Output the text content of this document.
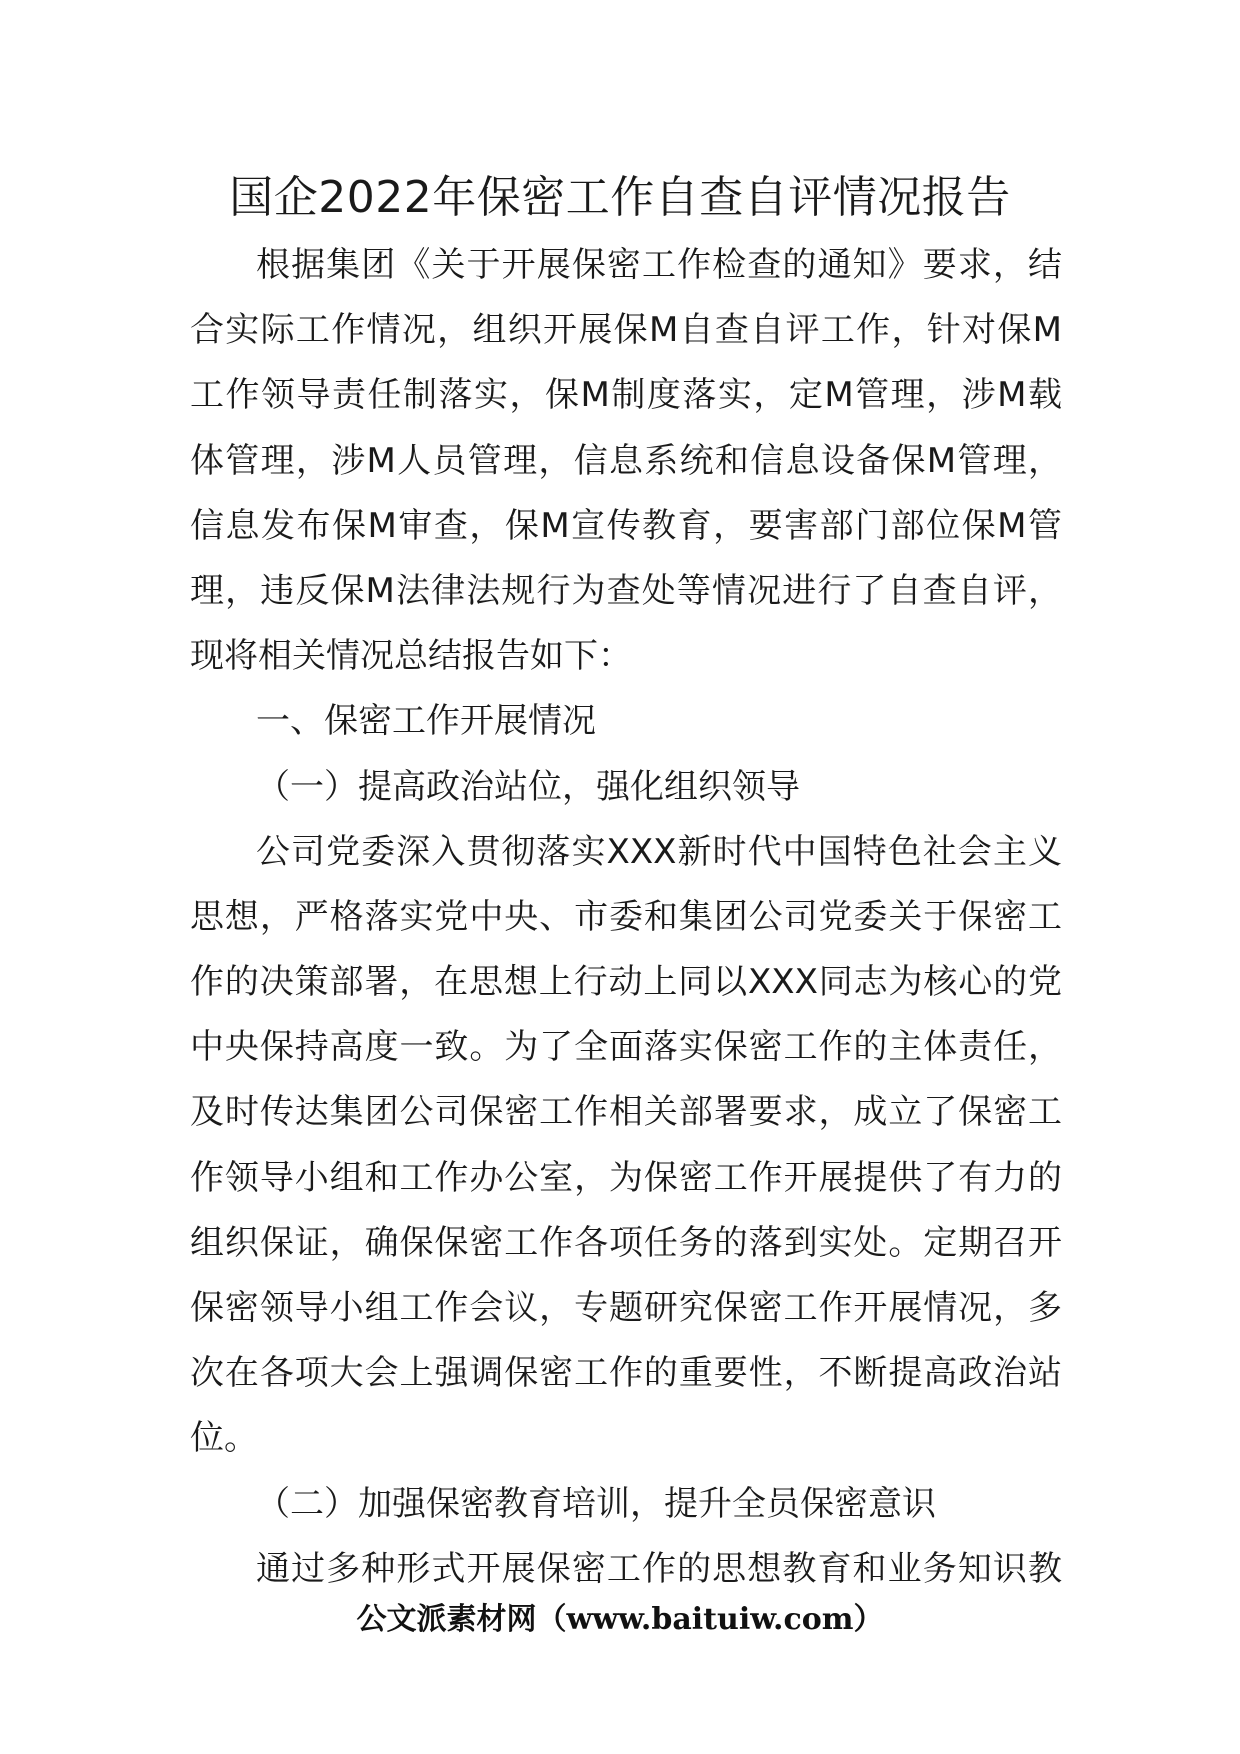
国企2022年保密工作自查自评情况报告
根据集团《关于开展保密工作检查的通知》要求，结
合实际工作情况，组织开展保M自查自评工作，针对保M
工作领导责任制落实，保M制度落实，定M管理，涉M载
体管理，涉M人员管理，信息系统和信息设备保M管理，
信息发布保M审查，保M宣传教育，要害部门部位保M管
理，违反保M法律法规行为查处等情况进行了自查自评，
现将相关情况总结报告如下：
一、保密工作开展情况
（一）提高政治站位，强化组织领导
公司党委深入贯彻落实XXX新时代中国特色社会主义
思想，严格落实党中央、市委和集团公司党委关于保密工
作的决策部署，在思想上行动上同以XXX同志为核心的党
中央保持高度一致。为了全面落实保密工作的主体责任，
及时传达集团公司保密工作相关部署要求，成立了保密工
作领导小组和工作办公室，为保密工作开展提供了有力的
组织保证，确保保密工作各项任务的落到实处。定期召开
保密领导小组工作会议，专题研究保密工作开展情况，多
次在各项大会上强调保密工作的重要性，不断提高政治站
位。
（二）加强保密教育培训，提升全员保密意识
通过多种形式开展保密工作的思想教育和业务知识教
公文派素材网（www.baituiw.com）
